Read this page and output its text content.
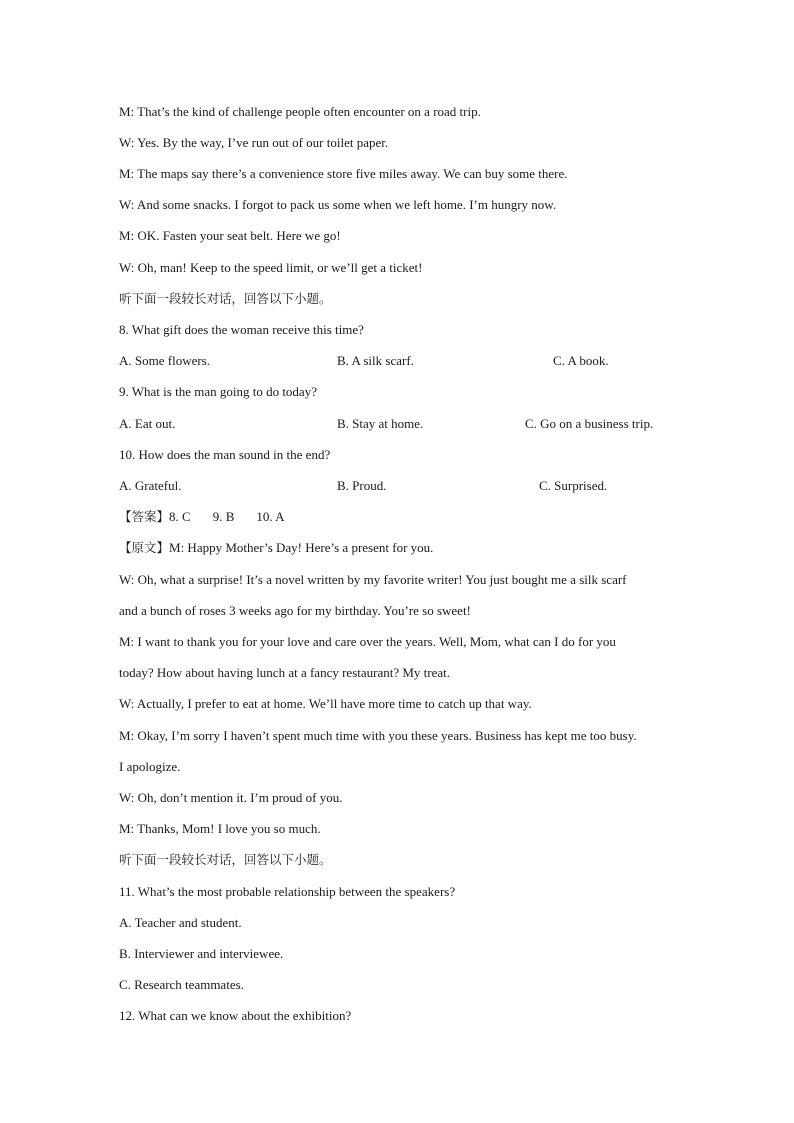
M: That’s the kind of challenge people often encounter on a road trip.
W: Yes. By the way, I’ve run out of our toilet paper.
M: The maps say there’s a convenience store five miles away. We can buy some there.
W: And some snacks. I forgot to pack us some when we left home. I’m hungry now.
M: OK. Fasten your seat belt. Here we go!
W: Oh, man! Keep to the speed limit, or we’ll get a ticket!
听下面一段较长对话，回答以下小题。
8. What gift does the woman receive this time?
A. Some flowers.	B. A silk scarf.	C. A book.
9. What is the man going to do today?
A. Eat out.	B. Stay at home.	C. Go on a business trip.
10. How does the man sound in the end?
A. Grateful.	B. Proud.	C. Surprised.
【答案】8. C 9. B 10. A
【原文】M: Happy Mother’s Day! Here’s a present for you.
W: Oh, what a surprise! It’s a novel written by my favorite writer! You just bought me a silk scarf
and a bunch of roses 3 weeks ago for my birthday. You’re so sweet!
M: I want to thank you for your love and care over the years. Well, Mom, what can I do for you
today? How about having lunch at a fancy restaurant? My treat.
W: Actually, I prefer to eat at home. We’ll have more time to catch up that way.
M: Okay, I’m sorry I haven’t spent much time with you these years. Business has kept me too busy.
I apologize.
W: Oh, don’t mention it. I’m proud of you.
M: Thanks, Mom! I love you so much.
听下面一段较长对话，回答以下小题。
11. What’s the most probable relationship between the speakers?
A. Teacher and student.
B. Interviewer and interviewee.
C. Research teammates.
12. What can we know about the exhibition?
